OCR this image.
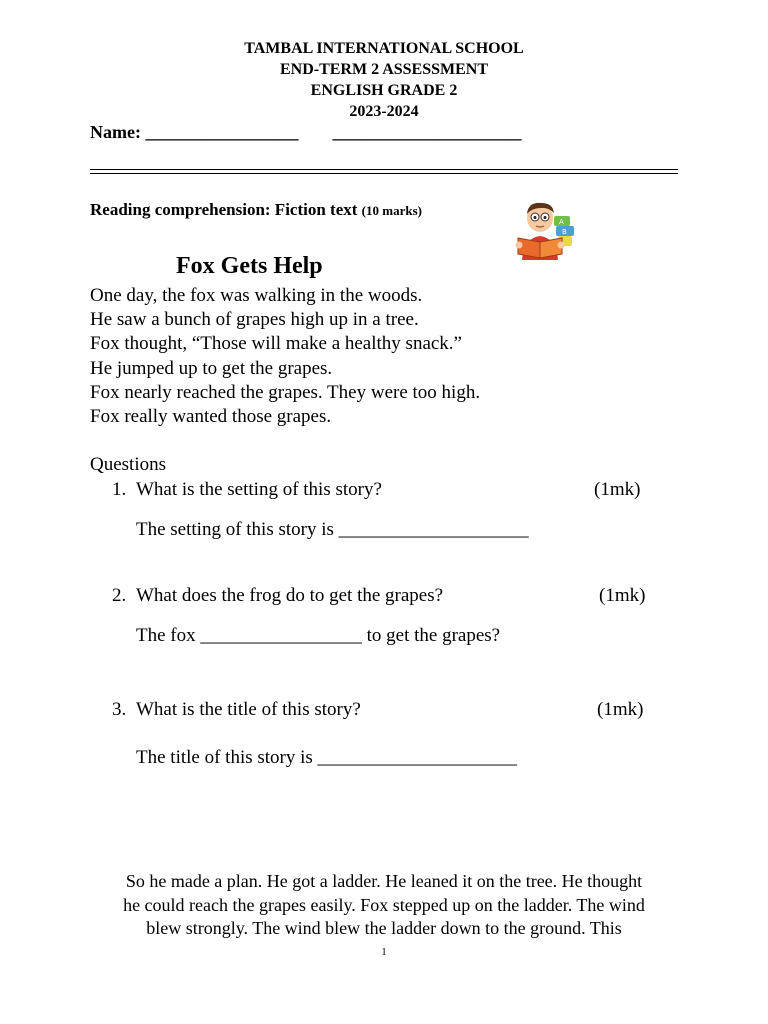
TAMBAL INTERNATIONAL SCHOOL
END-TERM 2 ASSESSMENT
ENGLISH GRADE 2
2023-2024
Name: _________________ _____________________
Reading comprehension: Fiction text (10 marks)
A
B
Fox Gets Help
One day, the fox was walking in the woods.
He saw a bunch of grapes high up in a tree.
Fox thought, “Those will make a healthy snack.”
He jumped up to get the grapes.
Fox nearly reached the grapes. They were too high.
Fox really wanted those grapes.
Questions
1. What is the setting of this story?	(1mk)
The setting of this story is ____________________
2. What does the frog do to get the grapes?	(1mk)
The fox _________________ to get the grapes?
3. What is the title of this story?	(1mk)
The title of this story is _____________________
So he made a plan. He got a ladder. He leaned it on the tree. He thought
he could reach the grapes easily. Fox stepped up on the ladder. The wind
blew strongly. The wind blew the ladder down to the ground. This
1
